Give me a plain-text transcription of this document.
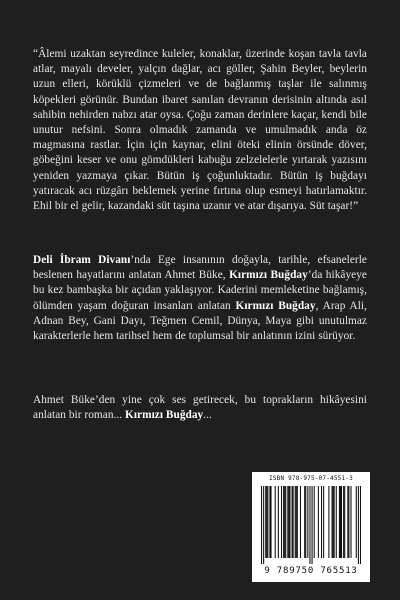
“Âlemi uzaktan seyredince kuleler, konaklar, üzerinde koşan tavla tavla atlar, mayalı develer, yalçın dağlar, acı göller, Şahin Beyler, beylerin uzun elleri, körüklü çizmeleri ve de bağlanmış taşlar ile salınmış köpekleri görünür. Bundan ibaret sanılan devranın derisinin altında asıl sahibin nehirden nabzı atar oysa. Çoğu zaman derinlere kaçar, kendi bile unutur nefsini. Sonra olmadık zamanda ve umulmadık anda öz magmasına rastlar. İçin için kaynar, elini öteki elinin örsünde döver, göbeğini keser ve onu gömdükleri kabuğu zelzelelerle yırtarak yazısını yeniden yazmaya çıkar. Bütün iş çoğunluktadır. Bütün iş buğdayı yatıracak acı rüzgârı beklemek yerine fırtına olup esmeyi hatırlamaktır. Ehil bir el gelir, kazandaki süt taşına uzanır ve atar dışarıya. Süt taşar!”

Deli İbram Divanı’nda Ege insanının doğayla, tarihle, efsanelerle beslenen hayatlarını anlatan Ahmet Büke, Kırmızı Buğday’da hikâyeye bu kez bambaşka bir açıdan yaklaşıyor. Kaderini memleketine bağlamış, ölümden yaşam doğuran insanları anlatan Kırmızı Buğday, Arap Ali, Adnan Bey, Gani Dayı, Teğmen Cemil, Dünya, Maya gibi unutulmaz karakterlerle hem tarihsel hem de toplumsal bir anlatının izini sürüyor.

Ahmet Büke’den yine çok ses getirecek, bu toprakların hikâyesini anlatan bir roman... Kırmızı Buğday...

ISBN 978-975-07-4551-3
9 789750 765513
